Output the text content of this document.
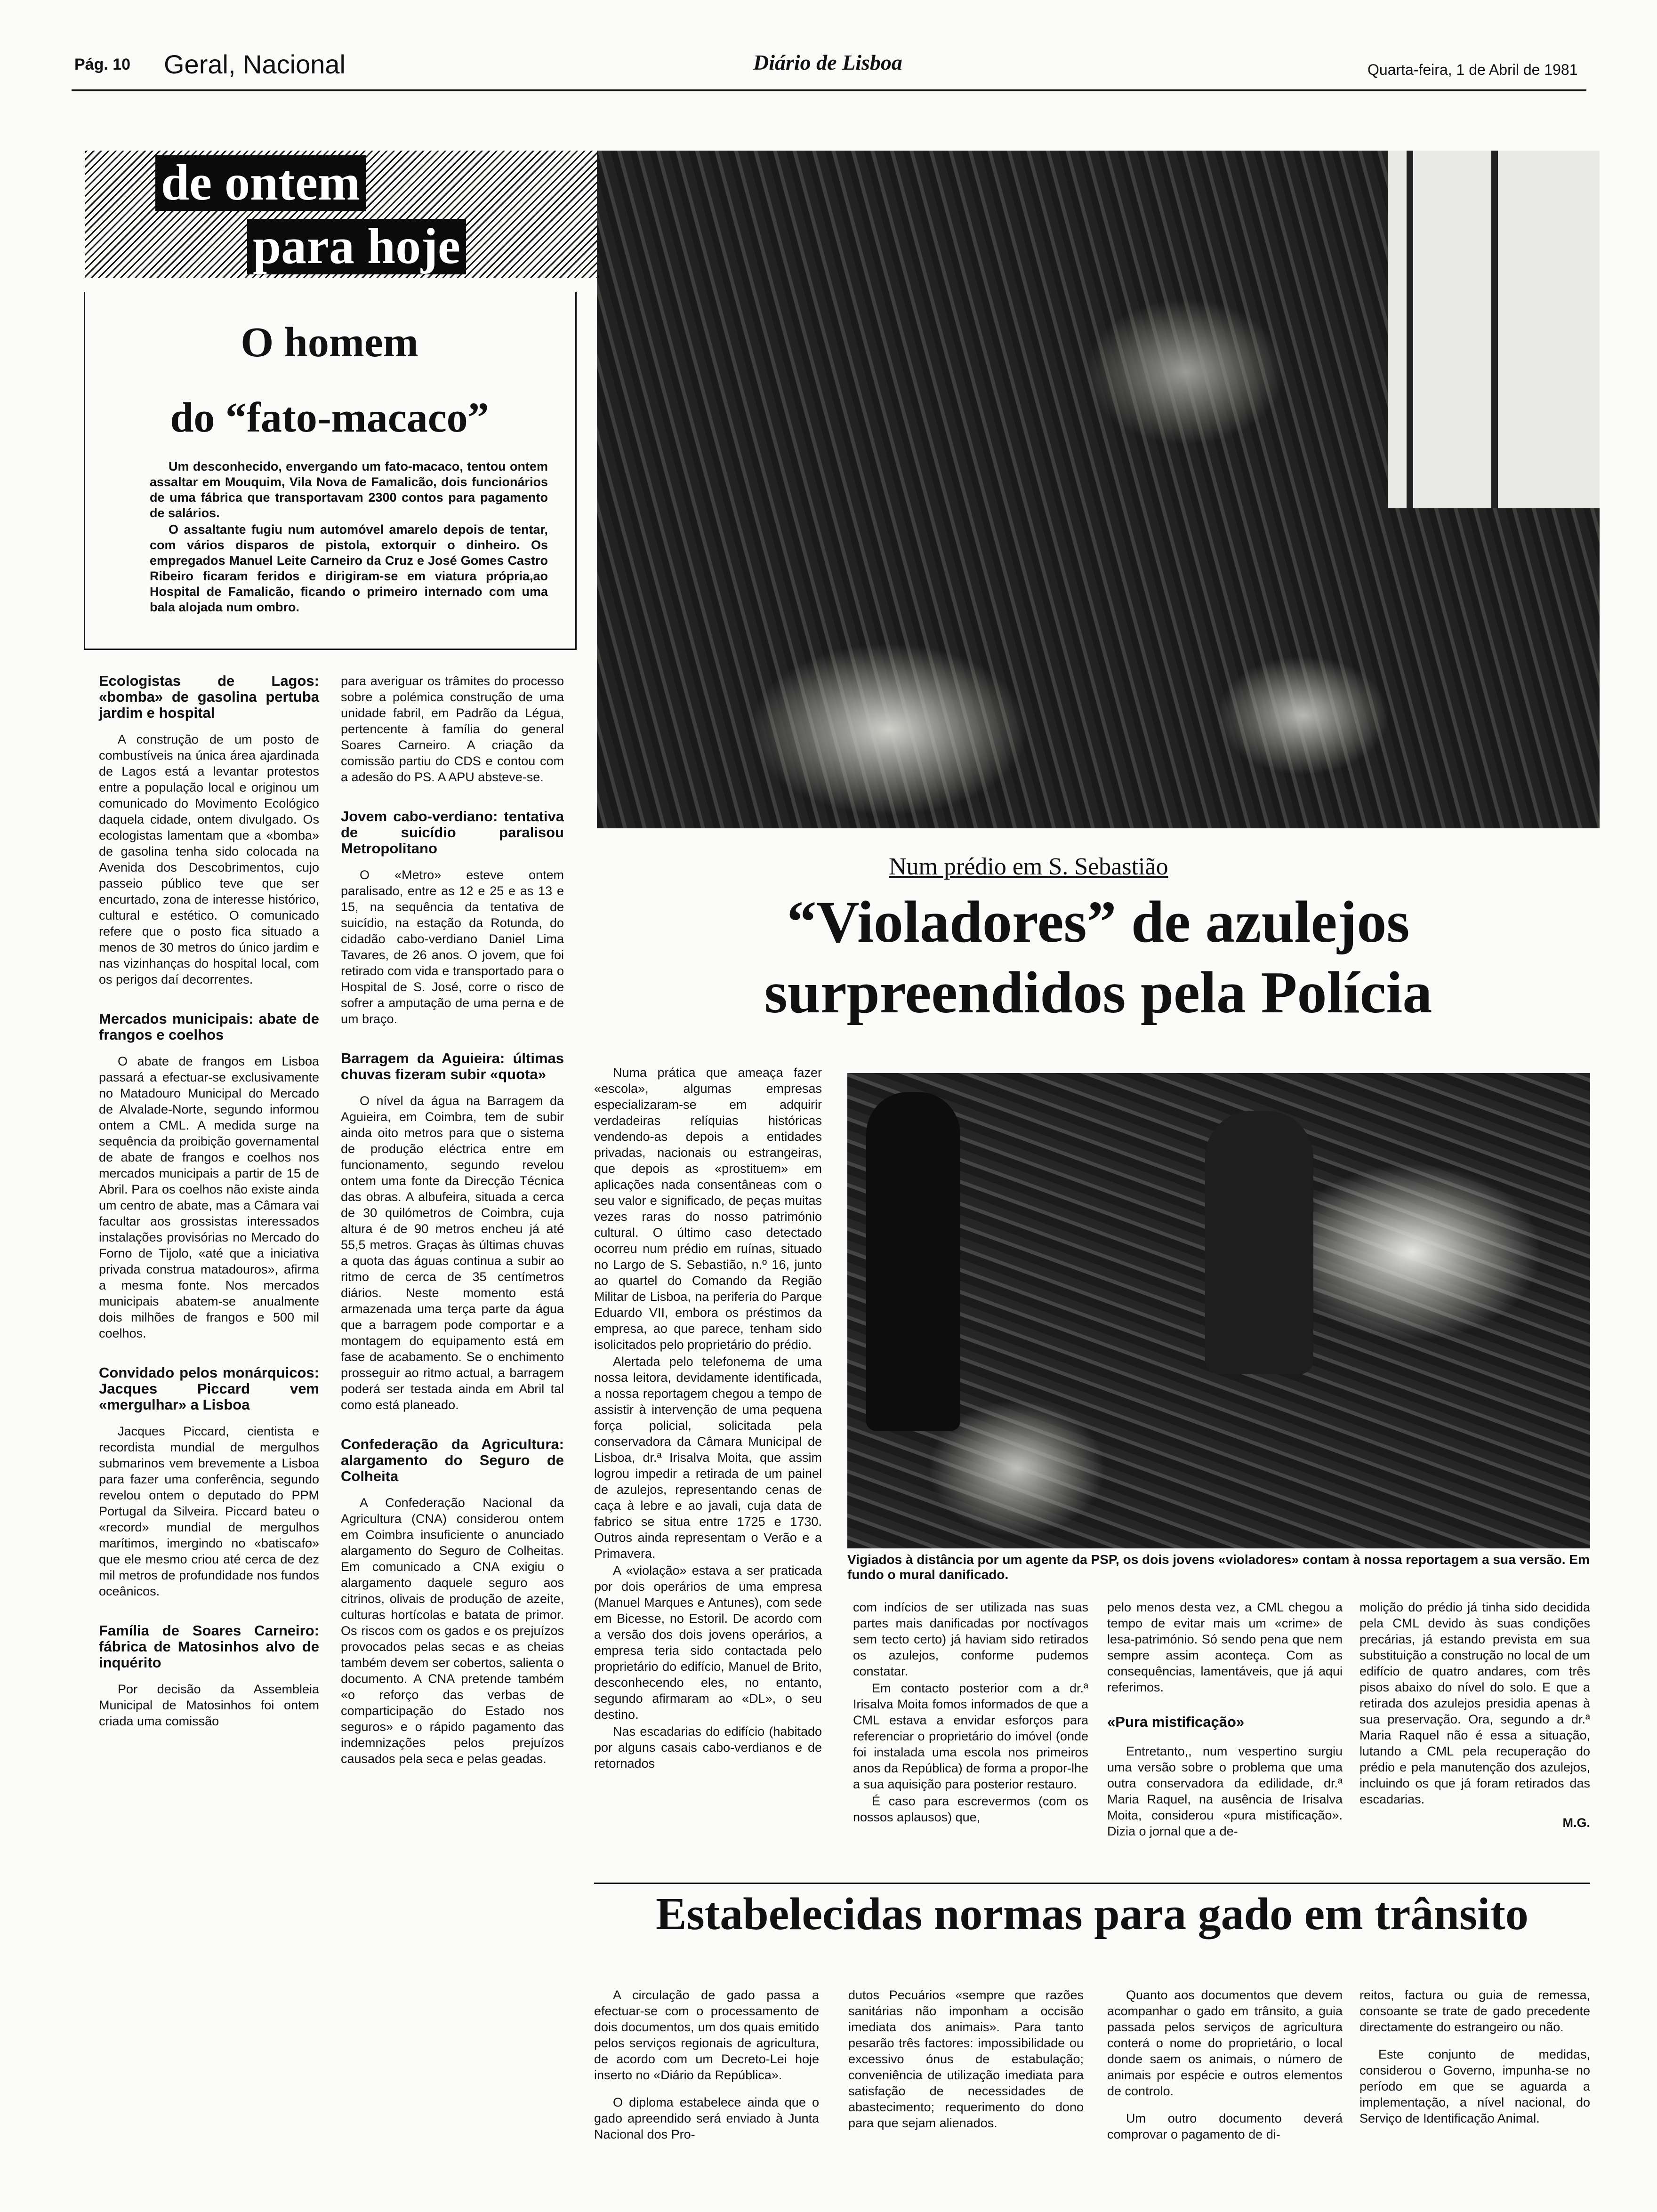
Pág. 10 Geral, Nacional	Diário de Lisboa	Quarta-feira, 1 de Abril de 1981
de ontem
para hoje
O homem
do “fato-macaco”

Um desconhecido, envergando um fato-macaco, tentou ontem assaltar em Mouquim, Vila Nova de Famalicão, dois funcionários de uma fábrica que transportavam 2300 contos para pagamento de salários.

O assaltante fugiu num automóvel amarelo depois de tentar, com vários disparos de pistola, extorquir o dinheiro. Os empregados Manuel Leite Carneiro da Cruz e José Gomes Castro Ribeiro ficaram feridos e dirigiram-se em viatura própria,ao Hospital de Famalicão, ficando o primeiro internado com uma bala alojada num ombro.

Ecologistas de Lagos: «bomba» de gasolina pertuba jardim e hospital

A construção de um posto de combustíveis na única área ajardinada de Lagos está a levantar protestos entre a população local e originou um comunicado do Movimento Ecológico daquela cidade, ontem divulgado. Os ecologistas lamentam que a «bomba» de gasolina tenha sido colocada na Avenida dos Descobrimentos, cujo passeio público teve que ser encurtado, zona de interesse histórico, cultural e estético. O comunicado refere que o posto fica situado a menos de 30 metros do único jardim e nas vizinhanças do hospital local, com os perigos daí decorrentes.

Mercados municipais: abate de frangos e coelhos

O abate de frangos em Lisboa passará a efectuar-se exclusivamente no Matadouro Municipal do Mercado de Alvalade-Norte, segundo informou ontem a CML. A medida surge na sequência da proibição governamental de abate de frangos e coelhos nos mercados municipais a partir de 15 de Abril. Para os coelhos não existe ainda um centro de abate, mas a Câmara vai facultar aos grossistas interessados instalações provisórias no Mercado do Forno de Tijolo, «até que a iniciativa privada construa matadouros», afirma a mesma fonte. Nos mercados municipais abatem-se anualmente dois milhões de frangos e 500 mil coelhos.

Convidado pelos monárquicos: Jacques Piccard vem «mergulhar» a Lisboa

Jacques Piccard, cientista e recordista mundial de mergulhos submarinos vem brevemente a Lisboa para fazer uma conferência, segundo revelou ontem o deputado do PPM Portugal da Silveira. Piccard bateu o «record» mundial de mergulhos marítimos, imergindo no «batiscafo» que ele mesmo criou até cerca de dez mil metros de profundidade nos fundos oceânicos.

Família de Soares Carneiro: fábrica de Matosinhos alvo de inquérito

Por decisão da Assembleia Municipal de Matosinhos foi ontem criada uma comissão

para averiguar os trâmites do processo sobre a polémica construção de uma unidade fabril, em Padrão da Légua, pertencente à família do general Soares Carneiro. A criação da comissão partiu do CDS e contou com a adesão do PS. A APU absteve-se.

Jovem cabo-verdiano: tentativa de suicídio paralisou Metropolitano

O «Metro» esteve ontem paralisado, entre as 12 e 25 e as 13 e 15, na sequência da tentativa de suicídio, na estação da Rotunda, do cidadão cabo-verdiano Daniel Lima Tavares, de 26 anos. O jovem, que foi retirado com vida e transportado para o Hospital de S. José, corre o risco de sofrer a amputação de uma perna e de um braço.

Barragem da Aguieira: últimas chuvas fizeram subir «quota»

O nível da água na Barragem da Aguieira, em Coimbra, tem de subir ainda oito metros para que o sistema de produção eléctrica entre em funcionamento, segundo revelou ontem uma fonte da Direcção Técnica das obras. A albufeira, situada a cerca de 30 quilómetros de Coimbra, cuja altura é de 90 metros encheu já até 55,5 metros. Graças às últimas chuvas a quota das águas continua a subir ao ritmo de cerca de 35 centímetros diários. Neste momento está armazenada uma terça parte da água que a barragem pode comportar e a montagem do equipamento está em fase de acabamento. Se o enchimento prosseguir ao ritmo actual, a barragem poderá ser testada ainda em Abril tal como está planeado.

Confederação da Agricultura: alargamento do Seguro de Colheita

A Confederação Nacional da Agricultura (CNA) considerou ontem em Coimbra insuficiente o anunciado alargamento do Seguro de Colheitas. Em comunicado a CNA exigiu o alargamento daquele seguro aos citrinos, olivais de produção de azeite, culturas hortícolas e batata de primor. Os riscos com os gados e os prejuízos provocados pelas secas e as cheias também devem ser cobertos, salienta o documento. A CNA pretende também «o reforço das verbas de comparticipação do Estado nos seguros» e o rápido pagamento das indemnizações pelos prejuízos causados pela seca e pelas geadas.

Num prédio em S. Sebastião
“Violadores” de azulejos
surpreendidos pela Polícia

Numa prática que ameaça fazer «escola», algumas empresas especializaram-se em adquirir verdadeiras relíquias históricas vendendo-as depois a entidades privadas, nacionais ou estrangeiras, que depois as «prostituem» em aplicações nada consentâneas com o seu valor e significado, de peças muitas vezes raras do nosso património cultural. O último caso detectado ocorreu num prédio em ruínas, situado no Largo de S. Sebastião, n.º 16, junto ao quartel do Comando da Região Militar de Lisboa, na periferia do Parque Eduardo VII, embora os préstimos da empresa, ao que parece, tenham sido isolicitados pelo proprietário do prédio.

Alertada pelo telefonema de uma nossa leitora, devidamente identificada, a nossa reportagem chegou a tempo de assistir à intervenção de uma pequena força policial, solicitada pela conservadora da Câmara Municipal de Lisboa, dr.ª Irisalva Moita, que assim logrou impedir a retirada de um painel de azulejos, representando cenas de caça à lebre e ao javali, cuja data de fabrico se situa entre 1725 e 1730. Outros ainda representam o Verão e a Primavera.

A «violação» estava a ser praticada por dois operários de uma empresa (Manuel Marques e Antunes), com sede em Bicesse, no Estoril. De acordo com a versão dos dois jovens operários, a empresa teria sido contactada pelo proprietário do edifício, Manuel de Brito, desconhecendo eles, no entanto, segundo afirmaram ao «DL», o seu destino.

Nas escadarias do edifício (habitado por alguns casais cabo-verdianos e de retornados

Vigiados à distância por um agente da PSP, os dois jovens «violadores» contam à nossa reportagem a sua versão. Em fundo o mural danificado.

com indícios de ser utilizada nas suas partes mais danificadas por noctívagos sem tecto certo) já haviam sido retirados os azulejos, conforme pudemos constatar.

Em contacto posterior com a dr.ª Irisalva Moita fomos informados de que a CML estava a envidar esforços para referenciar o proprietário do imóvel (onde foi instalada uma escola nos primeiros anos da República) de forma a propor-lhe a sua aquisição para posterior restauro.

É caso para escrevermos (com os nossos aplausos) que,

pelo menos desta vez, a CML chegou a tempo de evitar mais um «crime» de lesa-património. Só sendo pena que nem sempre assim aconteça. Com as consequências, lamentáveis, que já aqui referimos.

«Pura mistificação»

Entretanto,, num vespertino surgiu uma versão sobre o problema que uma outra conservadora da edilidade, dr.ª Maria Raquel, na ausência de Irisalva Moita, considerou «pura mistificação». Dizia o jornal que a de-

molição do prédio já tinha sido decidida pela CML devido às suas condições precárias, já estando prevista em sua substituição a construção no local de um edifício de quatro andares, com três pisos abaixo do nível do solo. E que a retirada dos azulejos presidia apenas à sua preservação. Ora, segundo a dr.ª Maria Raquel não é essa a situação, lutando a CML pela recuperação do prédio e pela manutenção dos azulejos, incluindo os que já foram retirados das escadarias.

M.G.
Estabelecidas normas para gado em trânsito

A circulação de gado passa a efectuar-se com o processamento de dois documentos, um dos quais emitido pelos serviços regionais de agricultura, de acordo com um Decreto-Lei hoje inserto no «Diário da República».

O diploma estabelece ainda que o gado apreendido será enviado à Junta Nacional dos Pro-

dutos Pecuários «sempre que razões sanitárias não imponham a occisão imediata dos animais». Para tanto pesarão três factores: impossibilidade ou excessivo ónus de estabulação; conveniência de utilização imediata para satisfação de necessidades de abastecimento; requerimento do dono para que sejam alienados.

Quanto aos documentos que devem acompanhar o gado em trânsito, a guia passada pelos serviços de agricultura conterá o nome do proprietário, o local donde saem os animais, o número de animais por espécie e outros elementos de controlo.

Um outro documento deverá comprovar o pagamento de di-

reitos, factura ou guia de remessa, consoante se trate de gado precedente directamente do estrangeiro ou não.

Este conjunto de medidas, considerou o Governo, impunha-se no período em que se aguarda a implementação, a nível nacional, do Serviço de Identificação Animal.
